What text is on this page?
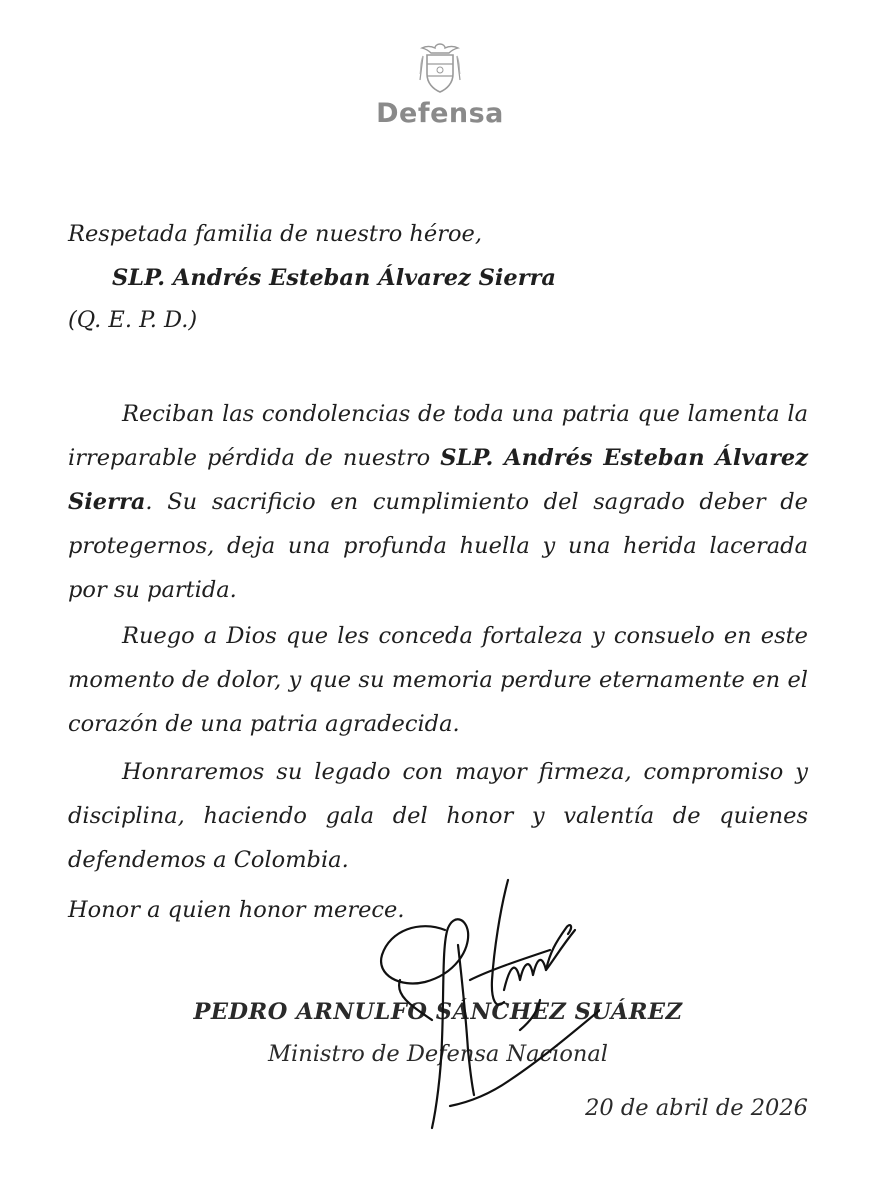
Defensa
Respetada familia de nuestro héroe,
SLP. Andrés Esteban Álvarez Sierra
(Q. E. P. D.)
Reciban las condolencias de toda una patria que lamenta la irreparable pérdida de nuestro SLP. Andrés Esteban Álvarez Sierra. Su sacrificio en cumplimiento del sagrado deber de protegernos, deja una profunda huella y una herida lacerada por su partida.
Ruego a Dios que les conceda fortaleza y consuelo en este momento de dolor, y que su memoria perdure eternamente en el corazón de una patria agradecida.
Honraremos su legado con mayor firmeza, compromiso y disciplina, haciendo gala del honor y valentía de quienes defendemos a Colombia.
Honor a quien honor merece.
PEDRO ARNULFO SÁNCHEZ SUÁREZ
Ministro de Defensa Nacional
20 de abril de 2026
